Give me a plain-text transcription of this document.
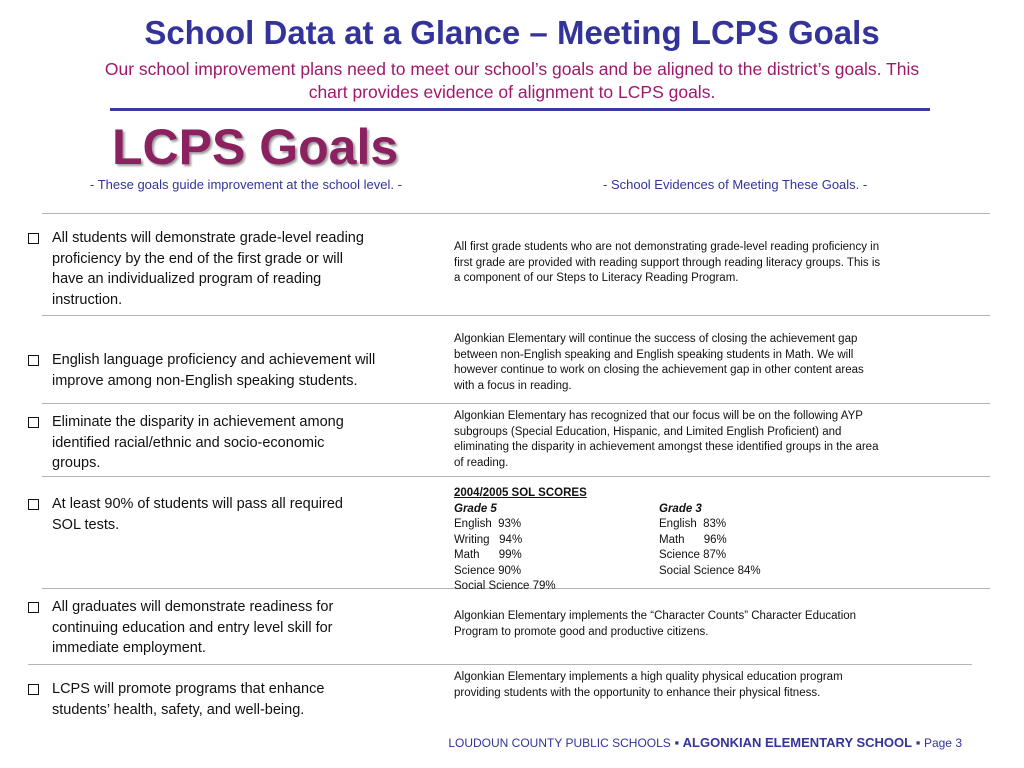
School Data at a Glance – Meeting LCPS Goals
Our school improvement plans need to meet our school’s goals and be aligned to the district’s goals. This
chart provides evidence of alignment to LCPS goals.
LCPS Goals
- These goals guide improvement at the school level. -	- School Evidences of Meeting These Goals. -
All students will demonstrate grade-level reading
proficiency by the end of the first grade or will
have an individualized program of reading
instruction.
English language proficiency and achievement will
improve among non-English speaking students.
Eliminate the disparity in achievement among
identified racial/ethnic and socio-economic
groups.
At least 90% of students will pass all required
SOL tests.
All graduates will demonstrate readiness for
continuing education and entry level skill for
immediate employment.
LCPS will promote programs that enhance
students’ health, safety, and well-being.
All first grade students who are not demonstrating grade-level reading proficiency in
first grade are provided with reading support through reading literacy groups. This is
a component of our Steps to Literacy Reading Program.
Algonkian Elementary will continue the success of closing the achievement gap
between non-English speaking and English speaking students in Math. We will
however continue to work on closing the achievement gap in other content areas
with a focus in reading.
Algonkian Elementary has recognized that our focus will be on the following AYP
subgroups (Special Education, Hispanic, and Limited English Proficient) and
eliminating the disparity in achievement amongst these identified groups in the area
of reading.
2004/2005 SOL SCORES
Grade 5
English  93%
Writing   94%
Math      99%
Science 90%
Social Science 79%
Grade 3
English  83%
Math      96%
Science 87%
Social Science 84%
Algonkian Elementary implements the “Character Counts” Character Education
Program to promote good and productive citizens.
Algonkian Elementary implements a high quality physical education program
providing students with the opportunity to enhance their physical fitness.
LOUDOUN COUNTY PUBLIC SCHOOLS ▪ ALGONKIAN ELEMENTARY SCHOOL ▪ Page 3
